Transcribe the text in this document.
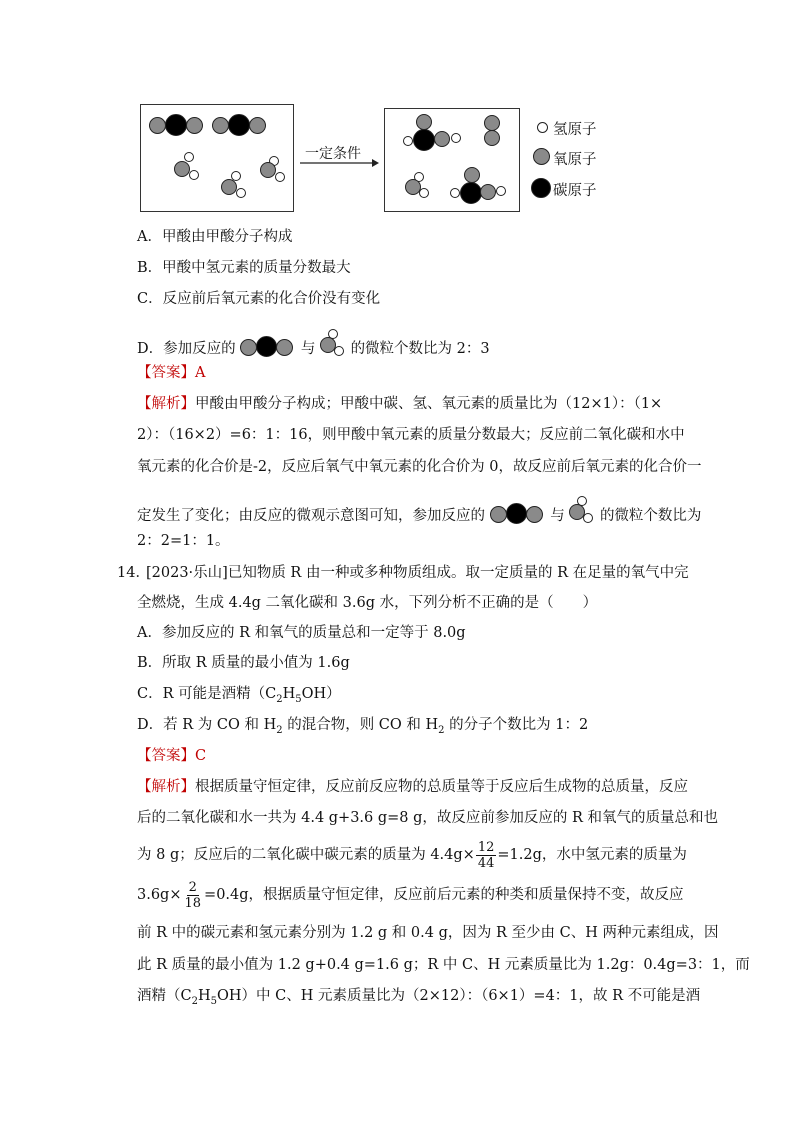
一定条件
氢原子
氧原子
碳原子
A．甲酸由甲酸分子构成
B．甲酸中氢元素的质量分数最大
C．反应前后氧元素的化合价没有变化
D．参加反应的	与 的微粒个数比为 2：3
【答案】A
【解析】甲酸由甲酸分子构成；甲酸中碳、氢、氧元素的质量比为（12×1）：（1×
2）：（16×2）=6：1：16，则甲酸中氧元素的质量分数最大；反应前二氧化碳和水中
氧元素的化合价是-2，反应后氧气中氧元素的化合价为 0，故反应前后氧元素的化合价一
定发生了变化；由反应的微观示意图可知，参加反应的	与 的微粒个数比为
2：2=1：1。
14．
[2023·乐山]已知物质 R 由一种或多种物质组成。取一定质量的 R 在足量的氧气中完
全燃烧，生成 4.4g 二氧化碳和 3.6g 水，下列分析不正确的是（　　）
A．参加反应的 R 和氧气的质量总和一定等于 8.0g
B．所取 R 质量的最小值为 1.6g
C．R 可能是酒精$(C_2H_5OH)$
D．若 R 为 CO 和 $H_2$ 的混合物，则 CO 和 $H_2$ 的分子个数比为 1：2
【答案】C
【解析】根据质量守恒定律，反应前反应物的总质量等于反应后生成物的总质量，反应
后的二氧化碳和水一共为 4.4 g+3.6 g=8 g，故反应前参加反应的 R 和氧气的质量总和也
为 8 g；反应后的二氧化碳中碳元素的质量为 $4.4g\times \frac{12}{44} =1.2g$，水中氢元素的质量为
$3.6g\times \frac{2}{18} =0.4g$，根据质量守恒定律，反应前后元素的种类和质量保持不变，故反应
前 R 中的碳元素和氢元素分别为 1.2 g 和 0.4 g，因为 R 至少由 C、H 两种元素组成，因
此 R 质量的最小值为 1.2 g+0.4 g=1.6 g；R 中 C、H 元素质量比为 1.2g：0.4g=3：1，而
酒精$(C_2H_5OH)$中 C、H 元素质量比为（2×12）：（6×1）=4：1，故 R 不可能是酒
